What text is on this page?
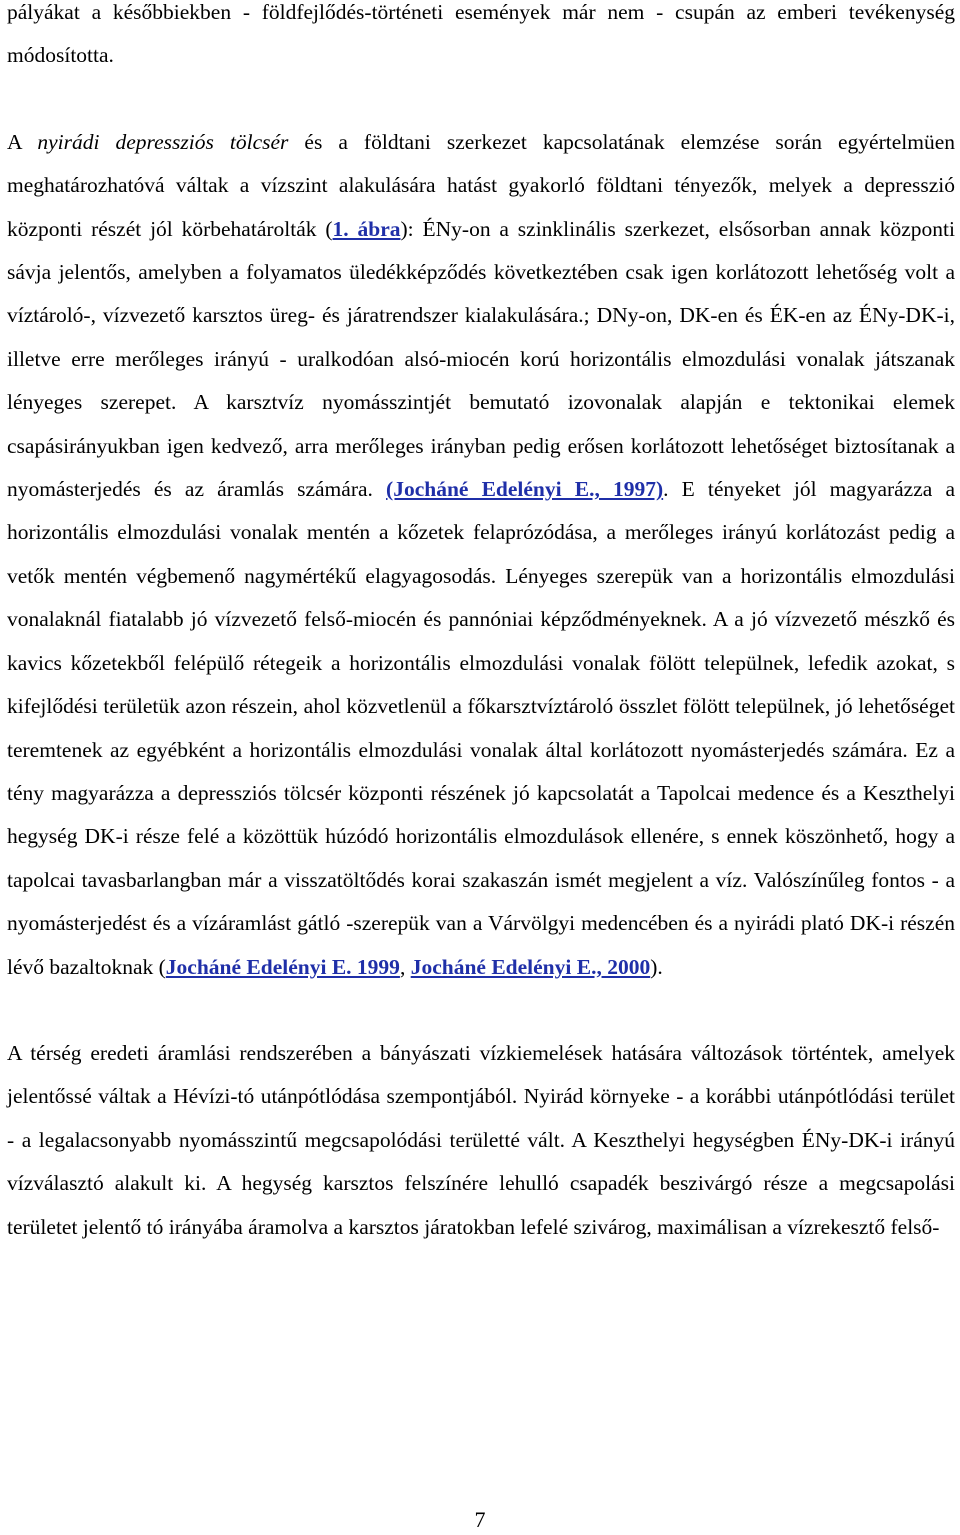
pályákat a későbbiekben - földfejlődés-történeti események már nem - csupán az emberi tevékenység módosította.

A nyirádi depressziós tölcsér és a földtani szerkezet kapcsolatának elemzése során egyértelmüen meghatározhatóvá váltak a vízszint alakulására hatást gyakorló földtani tényezők, melyek a depresszió központi részét jól körbehatárolták (1. ábra): ÉNy-on a szinklinális szerkezet, elsősorban annak központi sávja jelentős, amelyben a folyamatos üledékképződés következtében csak igen korlátozott lehetőség volt a víztároló-, vízvezető karsztos üreg- és járatrendszer kialakulására.; DNy-on, DK-en és ÉK-en az ÉNy-DK-i, illetve erre merőleges irányú - uralkodóan alsó-miocén korú horizontális elmozdulási vonalak játszanak lényeges szerepet. A karsztvíz nyomásszintjét bemutató izovonalak alapján e tektonikai elemek csapásirányukban igen kedvező, arra merőleges irányban pedig erősen korlátozott lehetőséget biztosítanak a nyomásterjedés és az áramlás számára. (Jocháné Edelényi E., 1997). E tényeket jól magyarázza a horizontális elmozdulási vonalak mentén a kőzetek felaprózódása, a merőleges irányú korlátozást pedig a vetők mentén végbemenő nagymértékű elagyagosodás. Lényeges szerepük van a horizontális elmozdulási vonalaknál fiatalabb jó vízvezető felső-miocén és pannóniai képződményeknek. A a jó vízvezető mészkő és kavics kőzetekből felépülő rétegeik a horizontális elmozdulási vonalak fölött települnek, lefedik azokat, s kifejlődési területük azon részein, ahol közvetlenül a főkarsztvíztároló összlet fölött települnek, jó lehetőséget teremtenek az egyébként a horizontális elmozdulási vonalak által korlátozott nyomásterjedés számára. Ez a tény magyarázza a depressziós tölcsér központi részének jó kapcsolatát a Tapolcai medence és a Keszthelyi hegység DK-i része felé a közöttük húzódó horizontális elmozdulások ellenére, s ennek köszönhető, hogy a tapolcai tavasbarlangban már a visszatöltődés korai szakaszán ismét megjelent a víz. Valószínűleg fontos - a nyomásterjedést és a vízáramlást gátló -szerepük van a Várvölgyi medencében és a nyirádi plató DK-i részén lévő bazaltoknak (Jocháné Edelényi E. 1999, Jocháné Edelényi E., 2000).

A térség eredeti áramlási rendszerében a bányászati vízkiemelések hatására változások történtek, amelyek jelentőssé váltak a Hévízi-tó utánpótlódása szempontjából. Nyirád környeke - a korábbi utánpótlódási terület - a legalacsonyabb nyomásszintű megcsapolódási területté vált. A Keszthelyi hegységben ÉNy-DK-i irányú vízválasztó alakult ki. A hegység karsztos felszínére lehulló csapadék beszivárgó része a megcsapolási területet jelentő tó irányába áramolva a karsztos járatokban lefelé szivárog, maximálisan a vízrekesztő felső-

7
